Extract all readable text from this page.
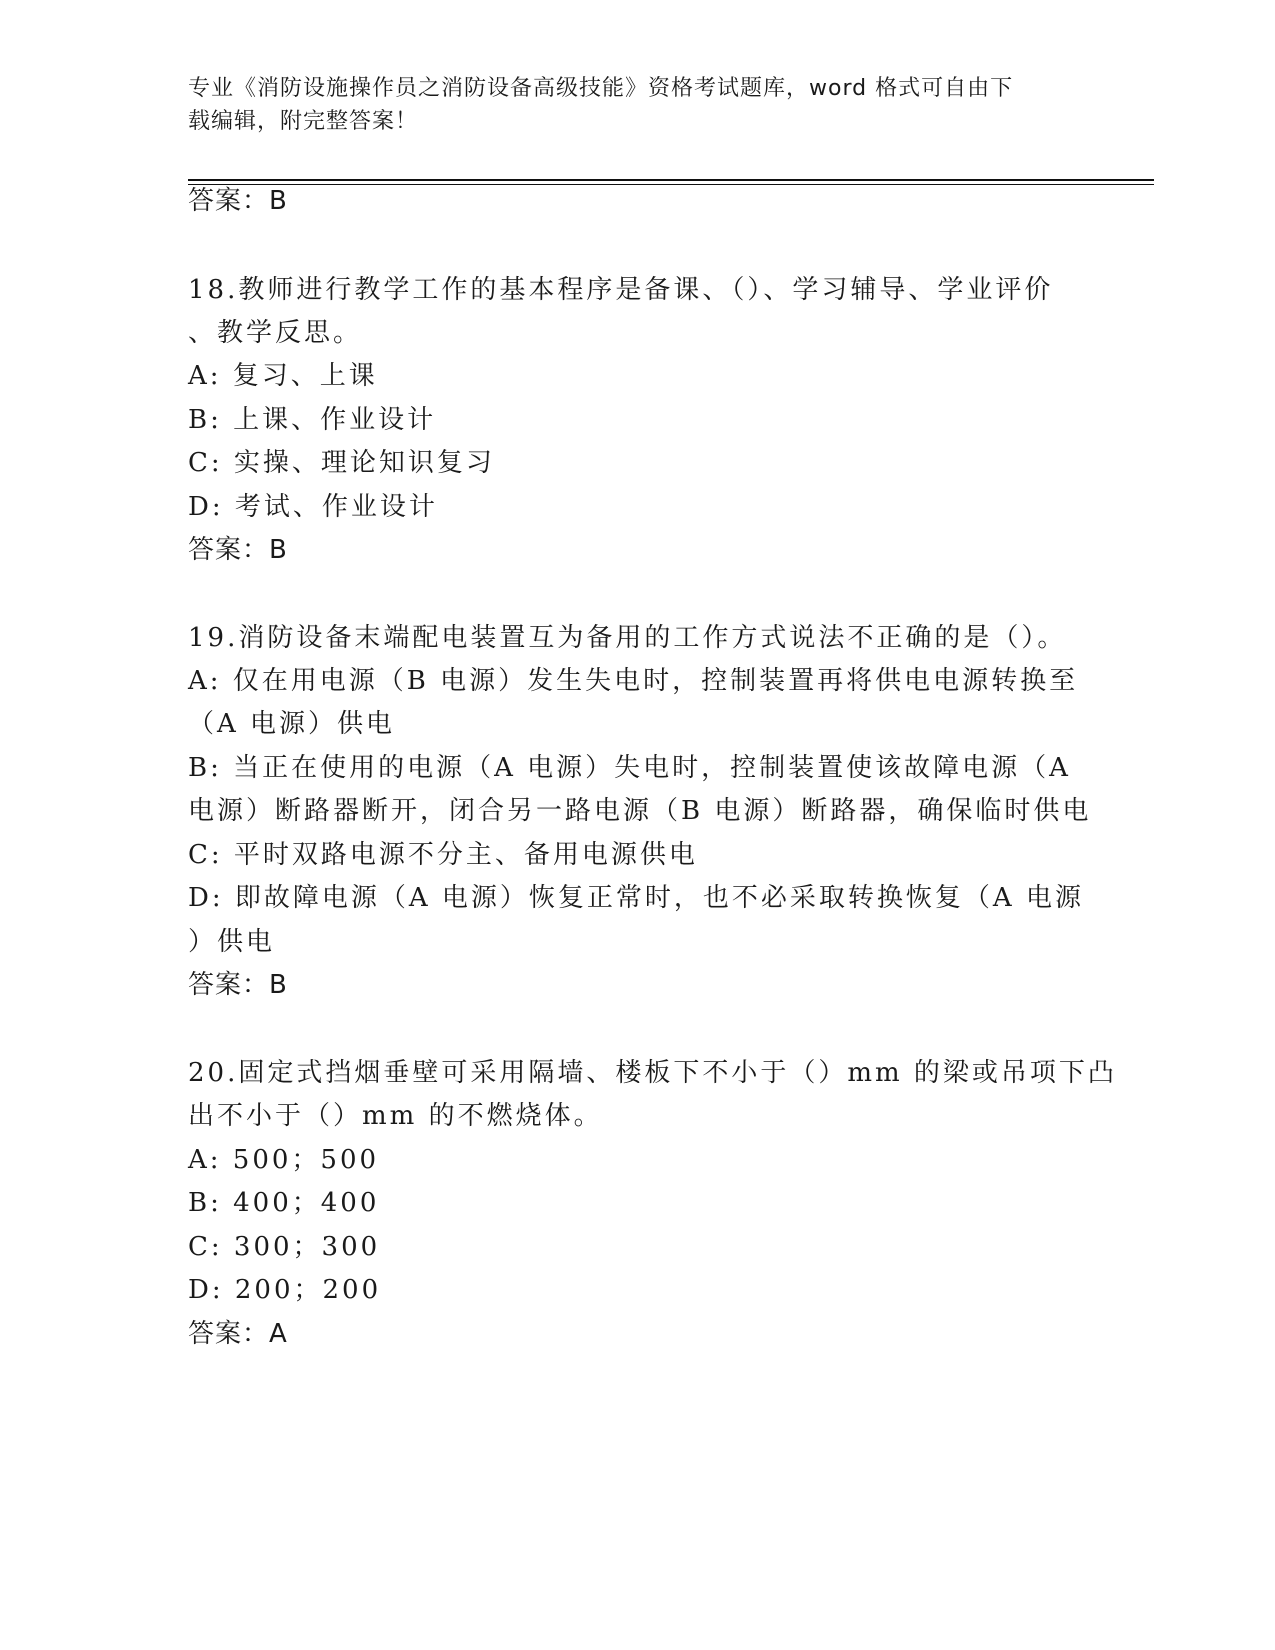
专业《消防设施操作员之消防设备高级技能》资格考试题库，word 格式可自由下
载编辑，附完整答案！
答案：B
18.教师进行教学工作的基本程序是备课、（）、学习辅导、学业评价
、教学反思。
A: 复习、上课
B: 上课、作业设计
C: 实操、理论知识复习
D: 考试、作业设计
答案：B
19.消防设备末端配电装置互为备用的工作方式说法不正确的是（）。
A: 仅在用电源（B 电源）发生失电时，控制装置再将供电电源转换至
（A 电源）供电
B: 当正在使用的电源（A 电源）失电时，控制装置使该故障电源（A
电源）断路器断开，闭合另一路电源（B 电源）断路器，确保临时供电
C: 平时双路电源不分主、备用电源供电
D: 即故障电源（A 电源）恢复正常时，也不必采取转换恢复（A 电源
）供电
答案：B
20.固定式挡烟垂壁可采用隔墙、楼板下不小于（）mm 的梁或吊项下凸
出不小于（）mm 的不燃烧体。
A: 500；500
B: 400；400
C: 300；300
D: 200；200
答案：A
